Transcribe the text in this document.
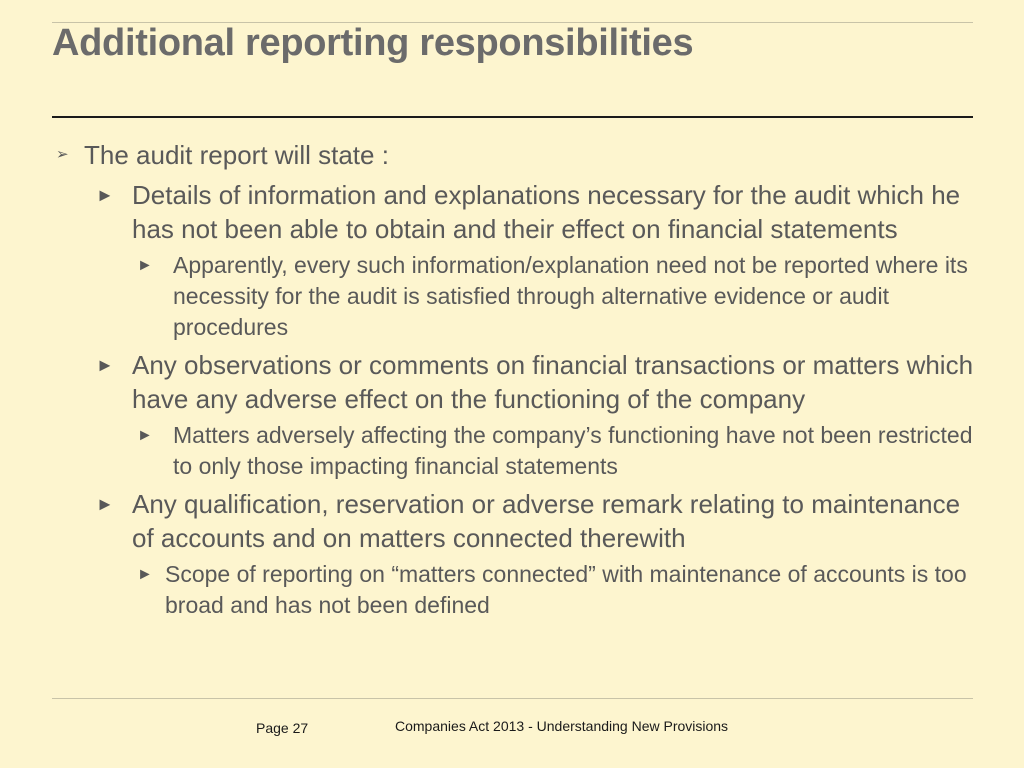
Additional reporting responsibilities
➢ The audit report will state :
► Details of information and explanations necessary for the audit which he has not been able to obtain and their effect on financial statements
► Apparently, every such information/explanation need not be reported where its necessity for the audit is satisfied through alternative evidence or audit procedures
► Any observations or comments on financial transactions or matters which have any adverse effect on the functioning of the company
► Matters adversely affecting the company’s functioning have not been restricted to only those impacting financial statements
► Any qualification, reservation or adverse remark relating to maintenance of accounts and on matters connected therewith
► Scope of reporting on “matters connected” with maintenance of accounts is too broad and has not been defined
Page 27	Companies Act 2013 - Understanding New Provisions
